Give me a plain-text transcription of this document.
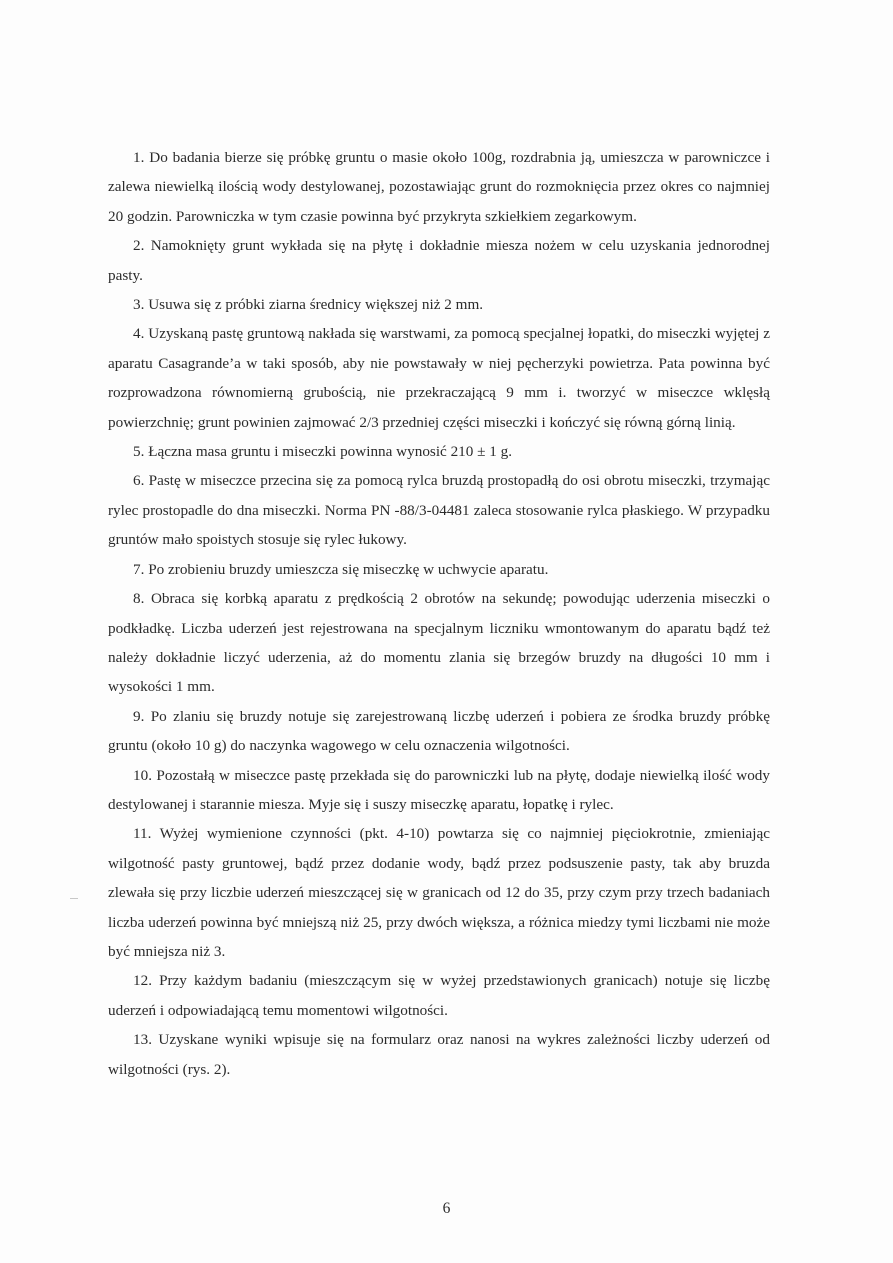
1. Do badania bierze się próbkę gruntu o masie około 100g, rozdrabnia ją, umieszcza w parowniczce i zalewa niewielką ilością wody destylowanej, pozostawiając grunt do rozmoknięcia przez okres co najmniej 20 godzin. Parowniczka w tym czasie powinna być przykryta szkiełkiem zegarkowym.

2. Namoknięty grunt wykłada się na płytę i dokładnie miesza nożem w celu uzyskania jednorodnej pasty.

3. Usuwa się z próbki ziarna średnicy większej niż 2 mm.

4. Uzyskaną pastę gruntową nakłada się warstwami, za pomocą specjalnej łopatki, do miseczki wyjętej z aparatu Casagrande’a w taki sposób, aby nie powstawały w niej pęcherzyki powietrza. Pata powinna być rozprowadzona równomierną grubością, nie przekraczającą 9 mm i. tworzyć w miseczce wklęsłą powierzchnię; grunt powinien zajmować 2/3 przedniej części miseczki i kończyć się równą górną linią.

5. Łączna masa gruntu i miseczki powinna wynosić 210 ± 1 g.

6. Pastę w miseczce przecina się za pomocą rylca bruzdą prostopadłą do osi obrotu miseczki, trzymając rylec prostopadle do dna miseczki. Norma PN -88/3-04481 zaleca stosowanie rylca płaskiego. W przypadku gruntów mało spoistych stosuje się rylec łukowy.

7. Po zrobieniu bruzdy umieszcza się miseczkę w uchwycie aparatu.

8. Obraca się korbką aparatu z prędkością 2 obrotów na sekundę; powodując uderzenia miseczki o podkładkę. Liczba uderzeń jest rejestrowana na specjalnym liczniku wmontowanym do aparatu bądź też należy dokładnie liczyć uderzenia, aż do momentu zlania się brzegów bruzdy na długości 10 mm i wysokości 1 mm.

9. Po zlaniu się bruzdy notuje się zarejestrowaną liczbę uderzeń i pobiera ze środka bruzdy próbkę gruntu (około 10 g) do naczynka wagowego w celu oznaczenia wilgotności.

10. Pozostałą w miseczce pastę przekłada się do parowniczki lub na płytę, dodaje niewielką ilość wody destylowanej i starannie miesza. Myje się i suszy miseczkę aparatu, łopatkę i rylec.

11. Wyżej wymienione czynności (pkt. 4-10) powtarza się co najmniej pięciokrotnie, zmieniając wilgotność pasty gruntowej, bądź przez dodanie wody, bądź przez podsuszenie pasty, tak aby bruzda zlewała się przy liczbie uderzeń mieszczącej się w granicach od 12 do 35, przy czym przy trzech badaniach liczba uderzeń powinna być mniejszą niż 25, przy dwóch większa, a różnica miedzy tymi liczbami nie może być mniejsza niż 3.

12. Przy każdym badaniu (mieszczącym się w wyżej przedstawionych granicach) notuje się liczbę uderzeń i odpowiadającą temu momentowi wilgotności.

13. Uzyskane wyniki wpisuje się na formularz oraz nanosi na wykres zależności liczby uderzeń od wilgotności (rys. 2).

6
